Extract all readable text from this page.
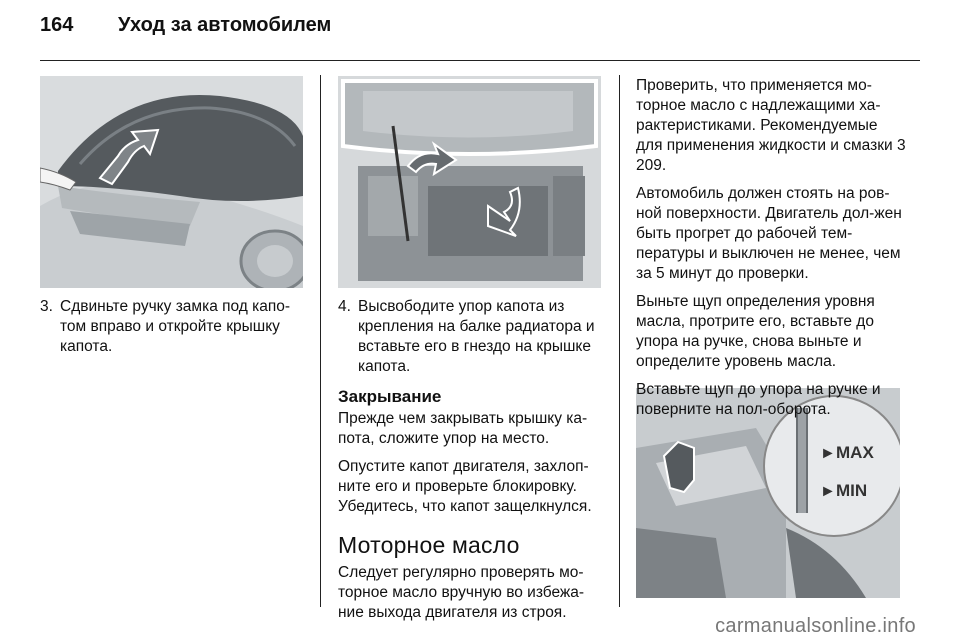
164	Уход за автомобилем
► MAX
► MIN
3. Сдвиньте ручку замка под капо-том вправо и откройте крышку капота.
4. Высвободите упор капота из крепления на балке радиатора и вставьте его в гнездо на крышке капота.
Закрывание

Прежде чем закрывать крышку ка-пота, сложите упор на место.

Опустите капот двигателя, захлоп-ните его и проверьте блокировку. Убедитесь, что капот защелкнулся.

Моторное масло

Следует регулярно проверять мо-торное масло вручную во избежа-ние выхода двигателя из строя.

Проверить, что применяется мо-торное масло с надлежащими ха-рактеристиками. Рекомендуемые для применения жидкости и смазки 3 209.

Автомобиль должен стоять на ров-ной поверхности. Двигатель дол-жен быть прогрет до рабочей тем-пературы и выключен не менее, чем за 5 минут до проверки.

Выньте щуп определения уровня масла, протрите его, вставьте до упора на ручке, снова выньте и определите уровень масла.

Вставьте щуп до упора на ручке и поверните на пол-оборота.

carmanualsonline.info
